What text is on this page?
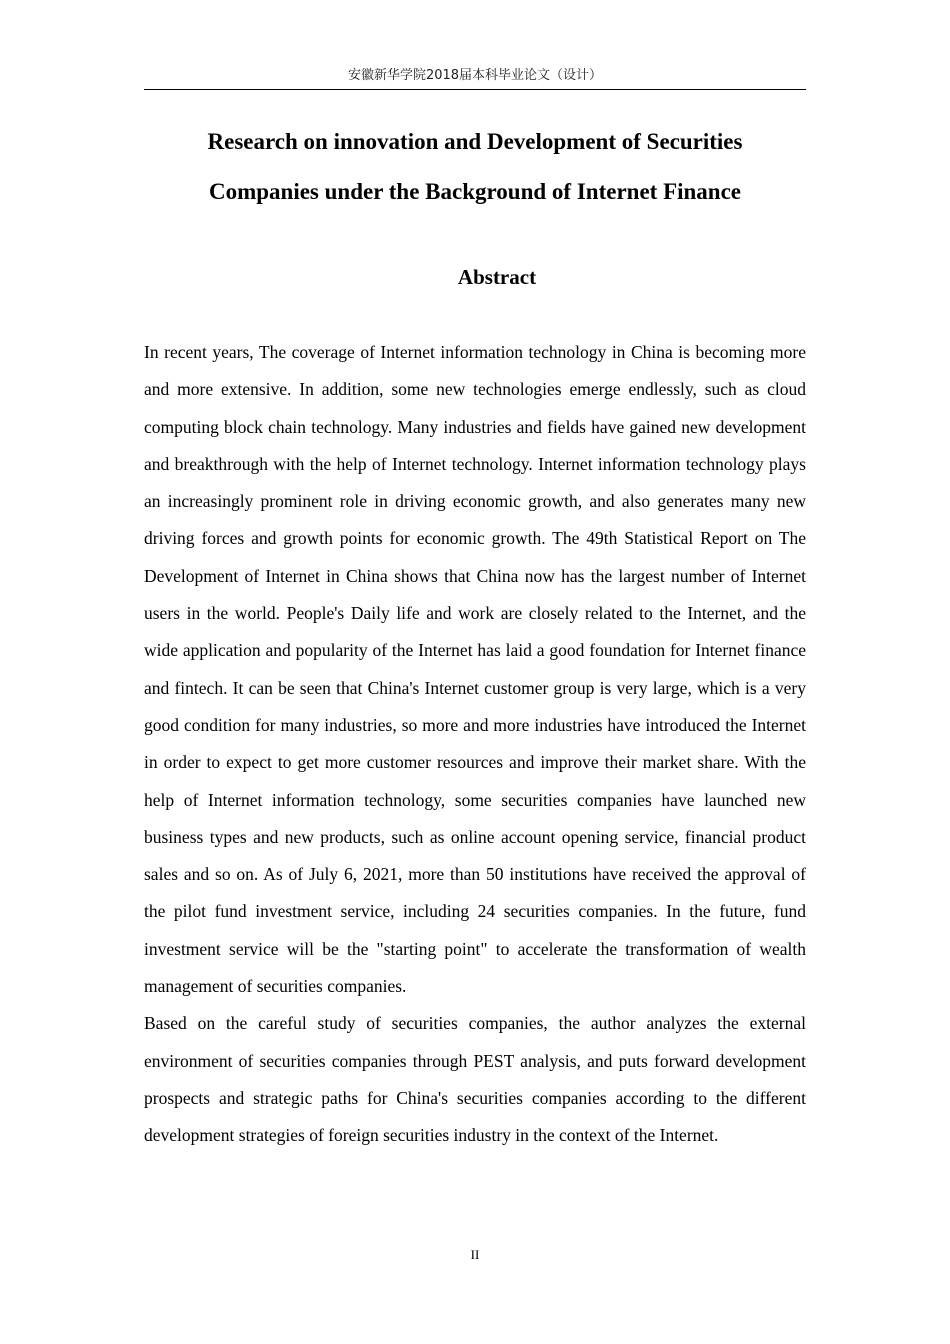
安徽新华学院2018届本科毕业论文（设计）
Research on innovation and Development of Securities
Companies under the Background of Internet Finance
Abstract

In recent years, The coverage of Internet information technology in China is becoming more and more extensive. In addition, some new technologies emerge endlessly, such as cloud computing block chain technology. Many industries and fields have gained new development and breakthrough with the help of Internet technology. Internet information technology plays an increasingly prominent role in driving economic growth, and also generates many new driving forces and growth points for economic growth. The 49th Statistical Report on The Development of Internet in China shows that China now has the largest number of Internet users in the world. People's Daily life and work are closely related to the Internet, and the wide application and popularity of the Internet has laid a good foundation for Internet finance and fintech. It can be seen that China's Internet customer group is very large, which is a very good condition for many industries, so more and more industries have introduced the Internet in order to expect to get more customer resources and improve their market share. With the help of Internet information technology, some securities companies have launched new business types and new products, such as online account opening service, financial product sales and so on. As of July 6, 2021, more than 50 institutions have received the approval of the pilot fund investment service, including 24 securities companies. In the future, fund investment service will be the "starting point" to accelerate the transformation of wealth management of securities companies.

Based on the careful study of securities companies, the author analyzes the external environment of securities companies through PEST analysis, and puts forward development prospects and strategic paths for China's securities companies according to the different development strategies of foreign securities industry in the context of the Internet.

II
